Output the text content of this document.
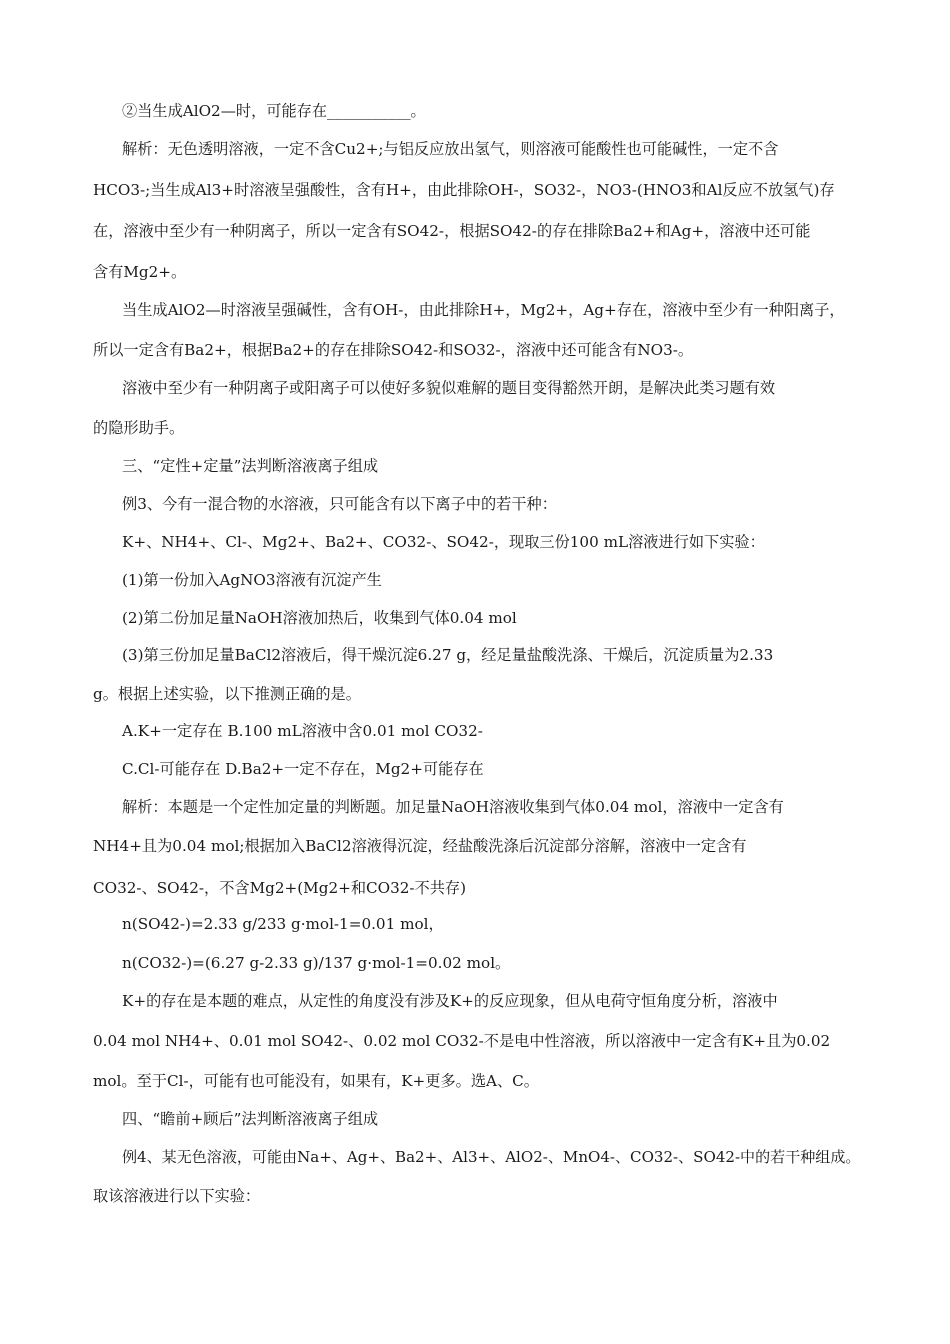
②当生成AlO2—时，可能存在___________。
解析：无色透明溶液，一定不含Cu2+;与铝反应放出氢气，则溶液可能酸性也可能碱性，一定不含
HCO3-;当生成Al3+时溶液呈强酸性，含有H+，由此排除OH-，SO32-，NO3-(HNO3和Al反应不放氢气)存
在，溶液中至少有一种阴离子，所以一定含有SO42-，根据SO42-的存在排除Ba2+和Ag+，溶液中还可能
含有Mg2+。
当生成AlO2—时溶液呈强碱性，含有OH-，由此排除H+，Mg2+，Ag+存在，溶液中至少有一种阳离子，
所以一定含有Ba2+，根据Ba2+的存在排除SO42-和SO32-，溶液中还可能含有NO3-。
溶液中至少有一种阴离子或阳离子可以使好多貌似难解的题目变得豁然开朗，是解决此类习题有效
的隐形助手。
三、“定性+定量”法判断溶液离子组成
例3、今有一混合物的水溶液，只可能含有以下离子中的若干种：
K+、NH4+、Cl-、Mg2+、Ba2+、CO32-、SO42-，现取三份100 mL溶液进行如下实验：
(1)第一份加入AgNO3溶液有沉淀产生
(2)第二份加足量NaOH溶液加热后，收集到气体0.04 mol
(3)第三份加足量BaCl2溶液后，得干燥沉淀6.27 g，经足量盐酸洗涤、干燥后，沉淀质量为2.33
g。根据上述实验，以下推测正确的是。
A.K+一定存在 B.100 mL溶液中含0.01 mol CO32-
C.Cl-可能存在 D.Ba2+一定不存在，Mg2+可能存在
解析：本题是一个定性加定量的判断题。加足量NaOH溶液收集到气体0.04 mol，溶液中一定含有
NH4+且为0.04 mol;根据加入BaCl2溶液得沉淀，经盐酸洗涤后沉淀部分溶解，溶液中一定含有
CO32-、SO42-，不含Mg2+(Mg2+和CO32-不共存)
n(SO42-)=2.33 g/233 g·mol-1=0.01 mol，
n(CO32-)=(6.27 g-2.33 g)/137 g·mol-1=0.02 mol。
K+的存在是本题的难点，从定性的角度没有涉及K+的反应现象，但从电荷守恒角度分析，溶液中
0.04 mol NH4+、0.01 mol SO42-、0.02 mol CO32-不是电中性溶液，所以溶液中一定含有K+且为0.02
mol。至于Cl-，可能有也可能没有，如果有，K+更多。选A、C。
四、“瞻前+顾后”法判断溶液离子组成
例4、某无色溶液，可能由Na+、Ag+、Ba2+、Al3+、AlO2-、MnO4-、CO32-、SO42-中的若干种组成。
取该溶液进行以下实验：
